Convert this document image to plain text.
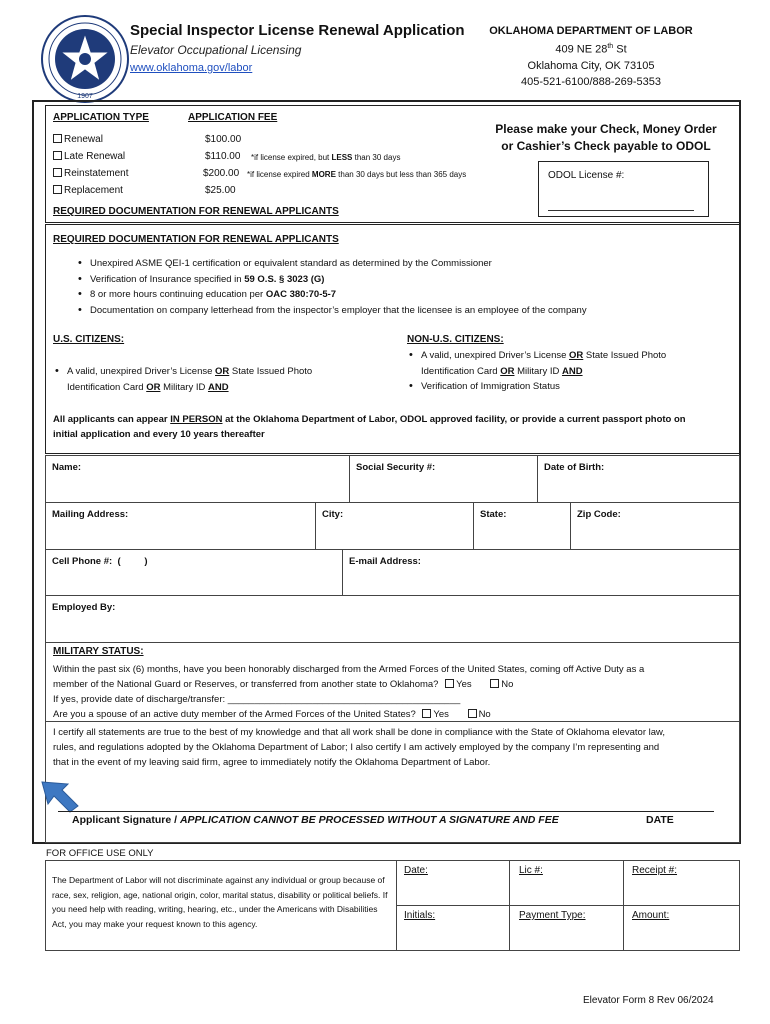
1907
Special Inspector License Renewal Application
Elevator Occupational Licensing
www.oklahoma.gov/labor
OKLAHOMA DEPARTMENT OF LABOR
409 NE 28th St
Oklahoma City, OK 73105
405-521-6100/888-269-5353
APPLICATION TYPE	APPLICATION FEE
Renewal	$100.00
Late Renewal	$110.00 *if license expired, but LESS than 30 days
Reinstatement	$200.00 *if license expired MORE than 30 days but less than 365 days
Replacement	$25.00
REQUIRED DOCUMENTATION FOR RENEWAL APPLICANTS
Please make your Check, Money Order
or Cashier’s Check payable to ODOL
ODOL License #:
REQUIRED DOCUMENTATION FOR RENEWAL APPLICANTS
• Unexpired ASME QEI-1 certification or equivalent standard as determined by the Commissioner
• Verification of Insurance specified in 59 O.S. § 3023 (G)
• 8 or more hours continuing education per OAC 380:70-5-7
• Documentation on company letterhead from the inspector’s employer that the licensee is an employee of the company
U.S. CITIZENS:
• A valid, unexpired Driver’s License OR State Issued Photo
Identification Card OR Military ID AND
NON-U.S. CITIZENS:
• A valid, unexpired Driver’s License OR State Issued Photo
Identification Card OR Military ID AND
• Verification of Immigration Status
All applicants can appear IN PERSON at the Oklahoma Department of Labor, ODOL approved facility, or provide a current passport photo on
initial application and every 10 years thereafter
Name:	Social Security #:	Date of Birth:
Mailing Address:	City:	State:	Zip Code:
Cell Phone #:  (         )	E-mail Address:
Employed By:
MILITARY STATUS:
Within the past six (6) months, have you been honorably discharged from the Armed Forces of the United States, coming off Active Duty as a
member of the National Guard or Reserves, or transferred from another state to Oklahoma? Yes	No
If yes, provide date of discharge/transfer: ____________________________________________
Are you a spouse of an active duty member of the Armed Forces of the United States? Yes	No
I certify all statements are true to the best of my knowledge and that all work shall be done in compliance with the State of Oklahoma elevator law,
rules, and regulations adopted by the Oklahoma Department of Labor; I also certify I am actively employed by the company I’m representing and
that in the event of my leaving said firm, agree to immediately notify the Oklahoma Department of Labor.
Applicant Signature / APPLICATION CANNOT BE PROCESSED WITHOUT A SIGNATURE AND FEE	DATE
FOR OFFICE USE ONLY
The Department of Labor will not discriminate against any individual or group because of race, sex, religion, age, national origin, color, marital status, disability or political beliefs. If you need help with reading, writing, hearing, etc., under the Americans with Disabilities Act, you may make your request known to this agency.
Date:	Lic #:	Receipt #:
Initials:	Payment Type:	Amount:
Elevator Form 8 Rev 06/2024
